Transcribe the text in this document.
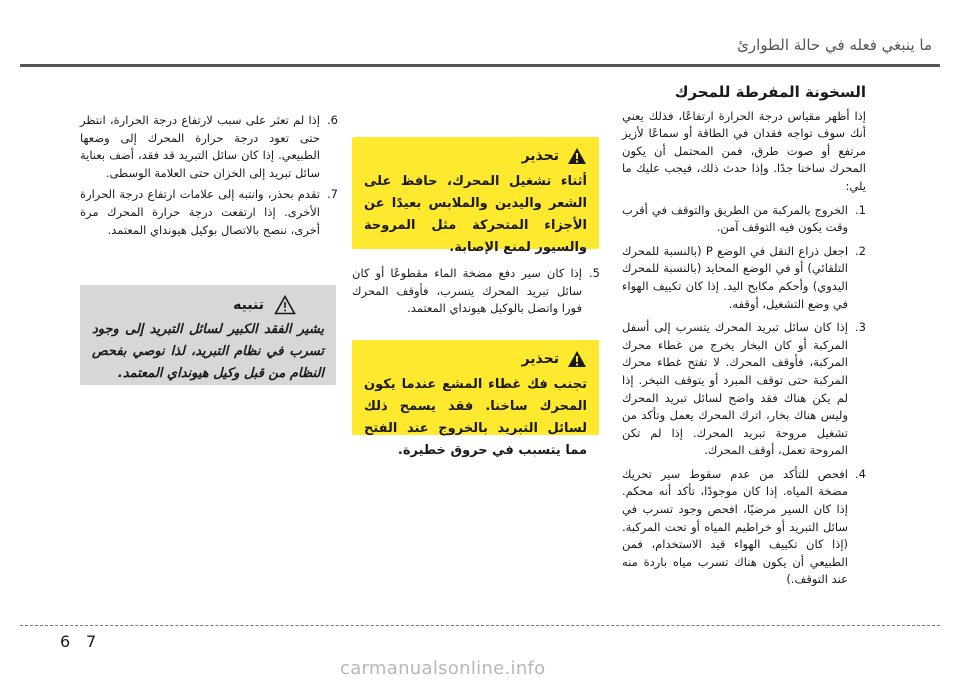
ما ينبغي فعله في حالة الطوارئ

السخونة المفرطة للمحرك

إذا أظهر مقياس درجة الحرارة ارتفاعًا، فذلك يعني أنك سوف تواجه فقدان في الطاقة أو سماعًا لأزيز مرتفع أو صوت طرق، فمن المحتمل أن يكون المحرك ساخنا جدًا. وإذا حدث ذلك، فيجب عليك ما يلي:

1.
الخروج بالمركبة من الطريق والتوقف في أقرب وقت يكون فيه التوقف آمن.
2.
اجعل ذراع النقل في الوضع P (بالنسبة للمحرك التلقائي) أو في الوضع المحايد (بالنسبة للمحرك اليدوي) وأحكم مكابح اليد. إذا كان تكييف الهواء في وضع التشغيل، أوقفه.
3.
إذا كان سائل تبريد المحرك يتسرب إلى أسفل المركبة أو كان البخار يخرج من غطاء محرك المركبة، فأوقف المحرك. لا تفتح غطاء محرك المركبة حتى توقف المبرد أو يتوقف التبخر. إذا لم يكن هناك فقد واضح لسائل تبريد المحرك وليس هناك بخار، اترك المحرك يعمل وتأكد من تشغيل مروحة تبريد المحرك. إذا لم تكن المروحة تعمل، أوقف المحرك.
4.
افحص للتأكد من عدم سقوط سير تحريك مضخة المياه. إذا كان موجودًا، تأكد أنه محكم. إذا كان السير مرضيًا، افحص وجود تسرب في سائل التبريد أو خراطيم المياه أو تحت المركبة. (إذا كان تكييف الهواء قيد الاستخدام، فمن الطبيعي أن يكون هناك تسرب مياه باردة منه عند التوقف.)
تحذير
أثناء تشغيل المحرك، حافظ على الشعر واليدين والملابس بعيدًا عن الأجزاء المتحركة مثل المروحة والسيور لمنع الإصابة.
5.
إذا كان سير دفع مضخة الماء مقطوعًا أو كان سائل تبريد المحرك يتسرب، فأوقف المحرك فورا واتصل بالوكيل هيونداي المعتمد.
تحذير
تجنب فك غطاء المشع عندما يكون المحرك ساخنا. فقد يسمح ذلك لسائل التبريد بالخروج عند الفتح مما يتسبب في حروق خطيرة.
6.
إذا لم تعثر على سبب لارتفاع درجة الحرارة، انتظر حتى تعود درجة حرارة المحرك إلى وضعها الطبيعي. إذا كان سائل التبريد قد فقد، أضف بعناية سائل تبريد إلى الخزان حتى العلامة الوسطى.
7.
تقدم بحذر، وانتبه إلى علامات ارتفاع درجة الحرارة الأخرى. إذا ارتفعت درجة حرارة المحرك مرة أخرى، ننصح بالاتصال بوكيل هيونداي المعتمد.
تنبيه
يشير الفقد الكبير لسائل التبريد إلى وجود تسرب في نظام التبريد، لذا نوصي بفحص النظام من قبل وكيل هيونداي المعتمد.
6 7
carmanualsonline.info
